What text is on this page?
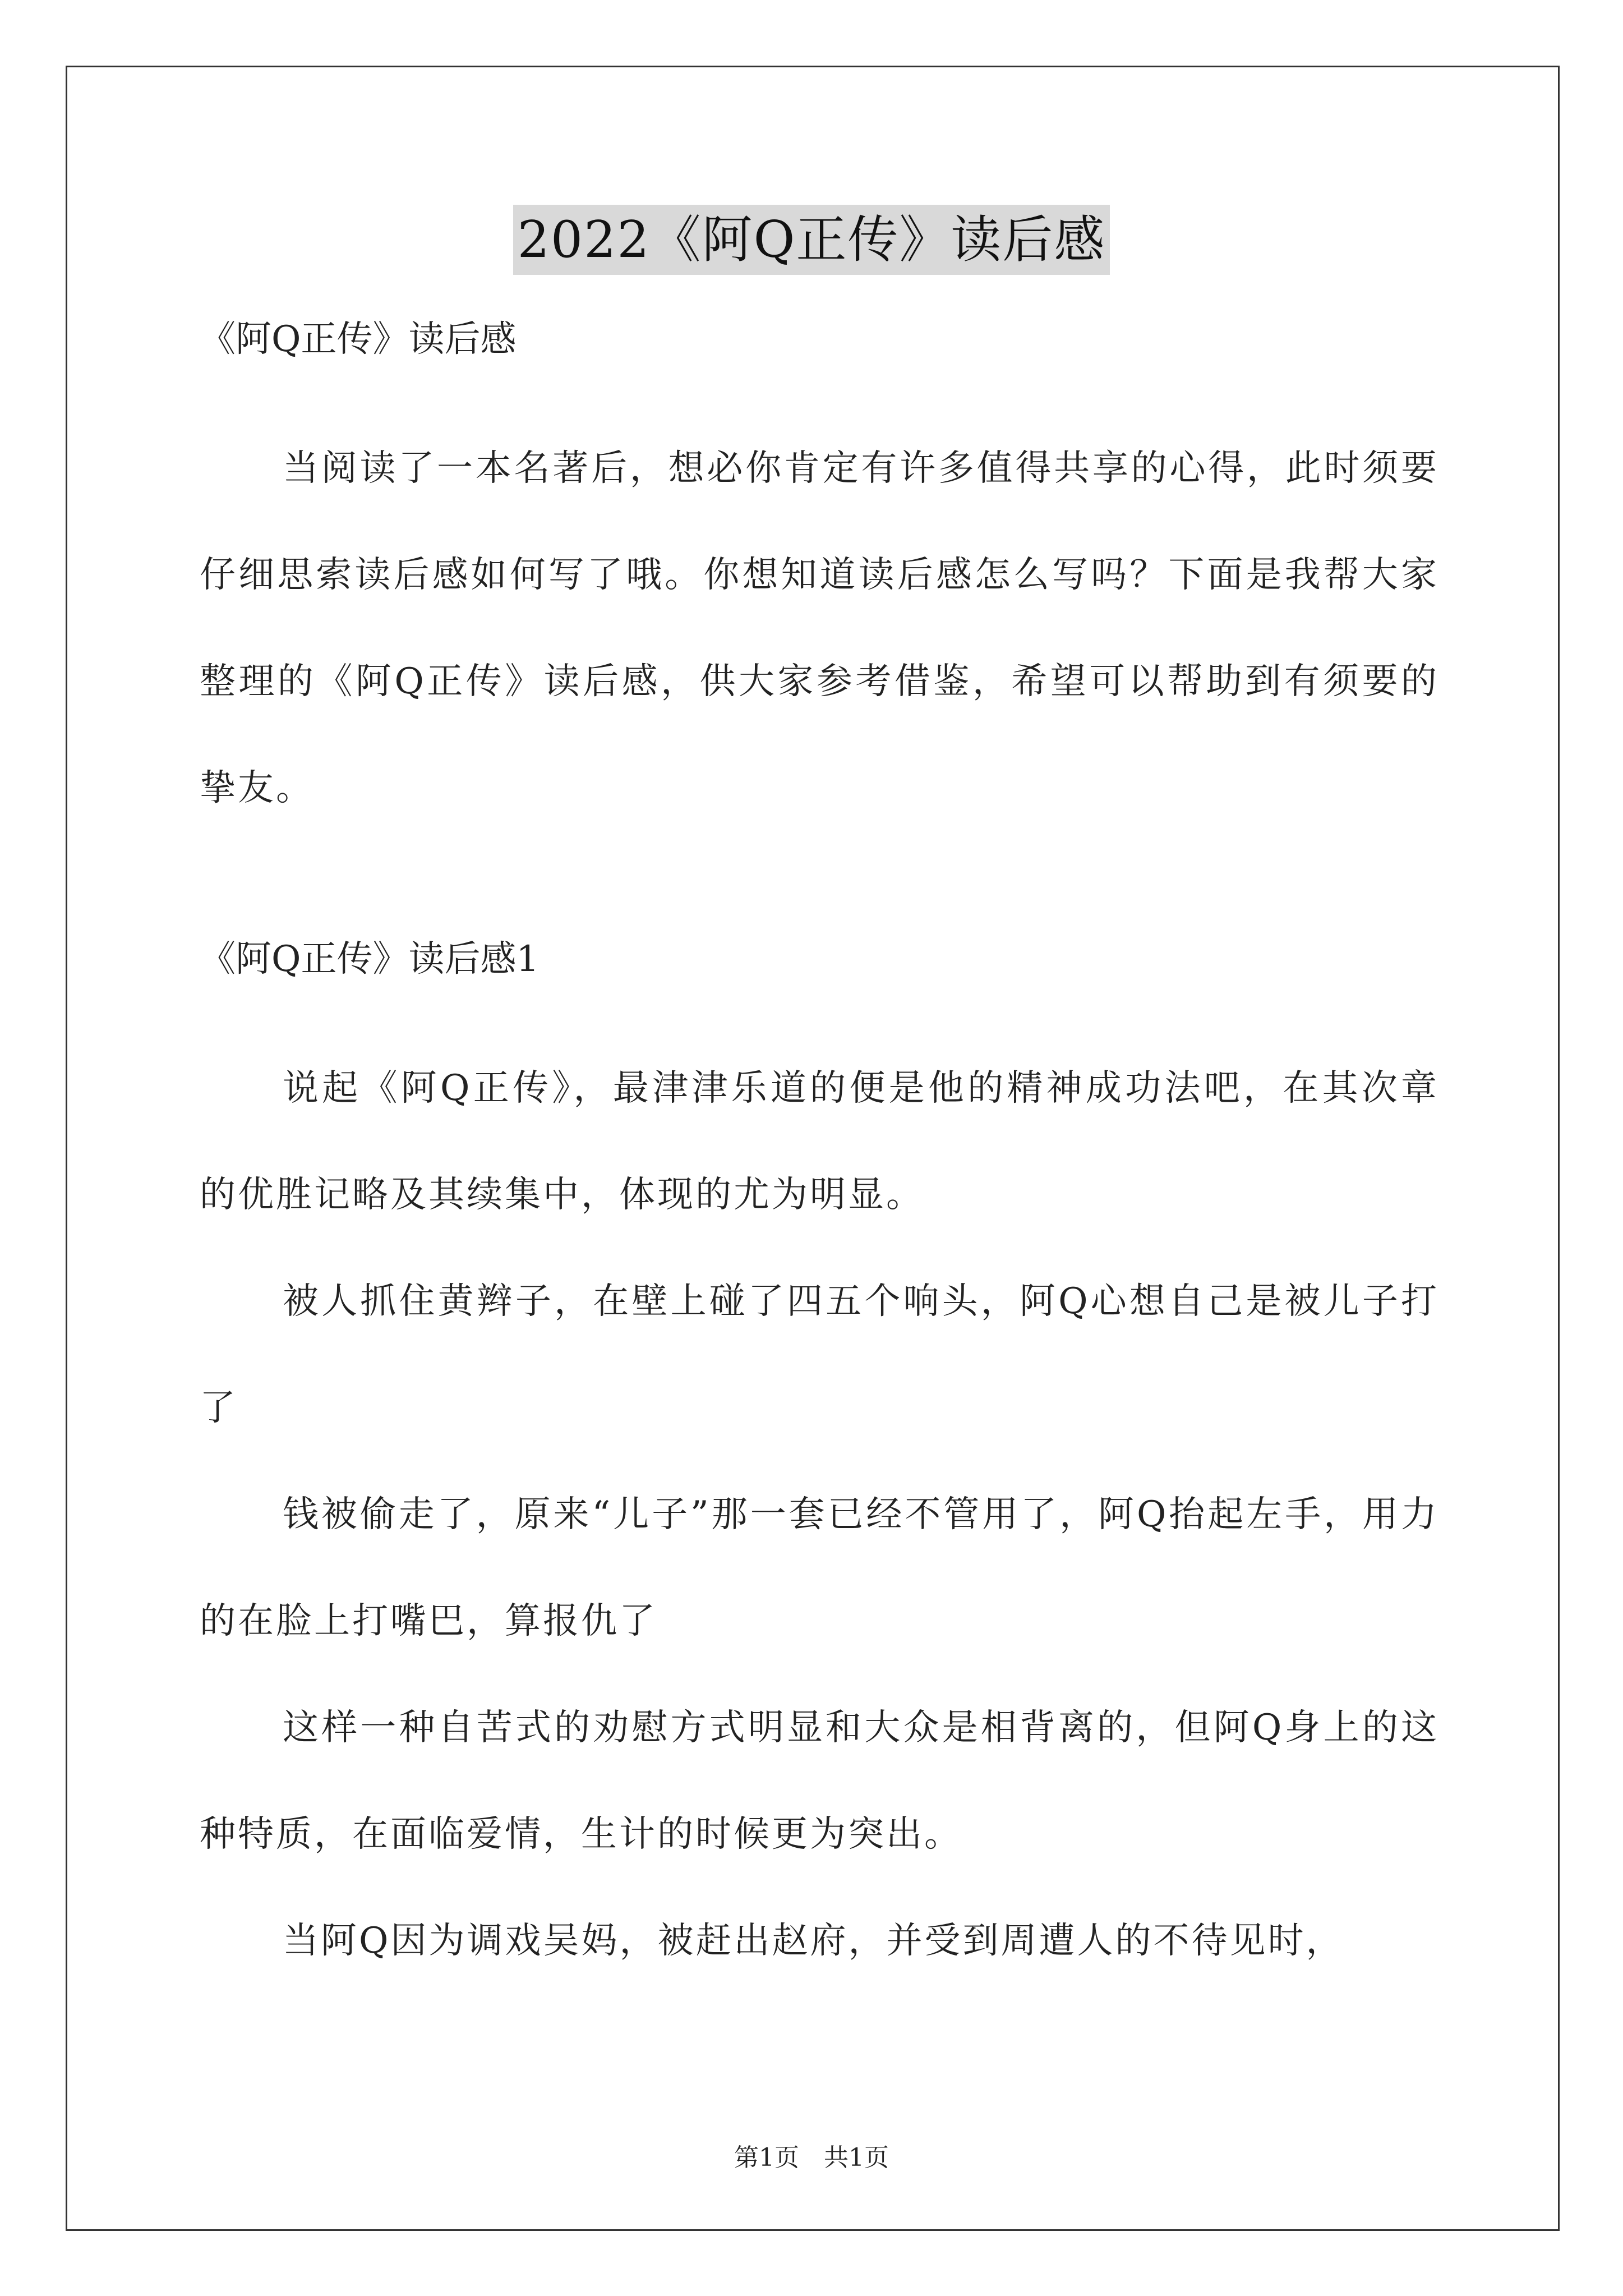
2022《阿Q正传》读后感

《阿Q正传》读后感

当阅读了一本名著后，想必你肯定有许多值得共享的心得，此时须要仔细思索读后感如何写了哦。你想知道读后感怎么写吗？下面是我帮大家整理的《阿Q正传》读后感，供大家参考借鉴，希望可以帮助到有须要的挚友。

《阿Q正传》读后感1

说起《阿Q正传》，最津津乐道的便是他的精神成功法吧，在其次章的优胜记略及其续集中，体现的尤为明显。

被人抓住黄辫子，在壁上碰了四五个响头，阿Q心想自己是被儿子打了

钱被偷走了，原来“儿子”那一套已经不管用了，阿Q抬起左手，用力的在脸上打嘴巴，算报仇了

这样一种自苦式的劝慰方式明显和大众是相背离的，但阿Q身上的这种特质，在面临爱情，生计的时候更为突出。

当阿Q因为调戏吴妈，被赶出赵府，并受到周遭人的不待见时，

第1页　共1页
